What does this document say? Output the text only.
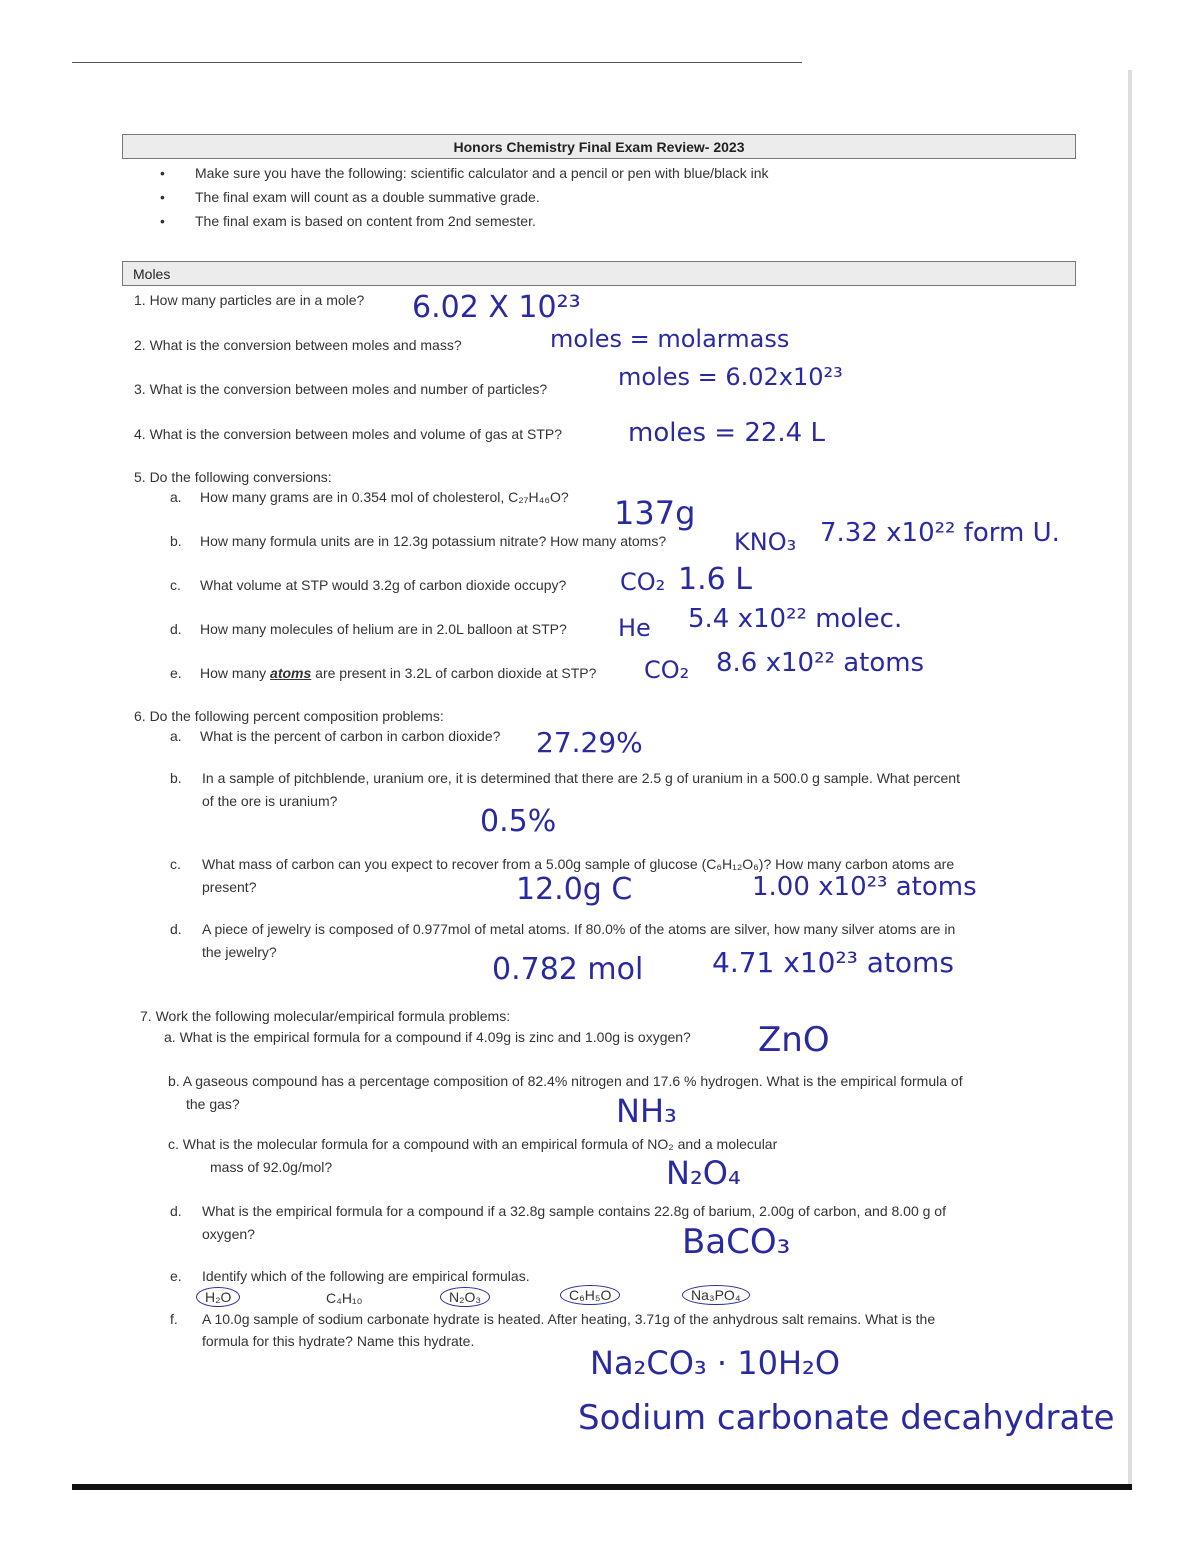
Honors Chemistry Final Exam Review- 2023
• Make sure you have the following: scientific calculator and a pencil or pen with blue/black ink
• The final exam will count as a double summative grade.
• The final exam is based on content from 2nd semester.
Moles
1. How many particles are in a mole? 6.02 X 10²³
2. What is the conversion between moles and mass?	moles = molarmass
3. What is the conversion between moles and number of particles?	moles = 6.02x10²³
4. What is the conversion between moles and volume of gas at STP?	moles = 22.4 L
5. Do the following conversions:
a. How many grams are in 0.354 mol of cholesterol, C₂₇H₄₆O? 137g
b. How many formula units are in 12.3g potassium nitrate? How many atoms?	KNO₃ 7.32 x10²² form U.
c. What volume at STP would 3.2g of carbon dioxide occupy? CO₂ 1.6 L
d. How many molecules of helium are in 2.0L balloon at STP? He 5.4 x10²² molec.
e. How many atoms are present in 3.2L of carbon dioxide at STP? CO₂ 8.6 x10²² atoms
6. Do the following percent composition problems:
a. What is the percent of carbon in carbon dioxide? 27.29%
b. In a sample of pitchblende, uranium ore, it is determined that there are 2.5 g of uranium in a 500.0 g sample. What percent
of the ore is uranium?
0.5%
c. What mass of carbon can you expect to recover from a 5.00g sample of glucose (C₆H₁₂O₆)? How many carbon atoms are
present?	12.0g C	1.00 x10²³ atoms
d. A piece of jewelry is composed of 0.977mol of metal atoms. If 80.0% of the atoms are silver, how many silver atoms are in
the jewelry?	0.782 mol 4.71 x10²³ atoms
7. Work the following molecular/empirical formula problems:
a. What is the empirical formula for a compound if 4.09g is zinc and 1.00g is oxygen? ZnO
b. A gaseous compound has a percentage composition of 82.4% nitrogen and 17.6 % hydrogen. What is the empirical formula of
the gas?	NH₃
c. What is the molecular formula for a compound with an empirical formula of NO₂ and a molecular
mass of 92.0g/mol?	N₂O₄
d. What is the empirical formula for a compound if a 32.8g sample contains 22.8g of barium, 2.00g of carbon, and 8.00 g of
oxygen?	BaCO₃
e. Identify which of the following are empirical formulas.
H₂O	C₄H₁₀	N₂O₃	C₆H₅O	Na₃PO₄
f. A 10.0g sample of sodium carbonate hydrate is heated. After heating, 3.71g of the anhydrous salt remains. What is the
formula for this hydrate? Name this hydrate.
Na₂CO₃ · 10H₂O
Sodium carbonate decahydrate
